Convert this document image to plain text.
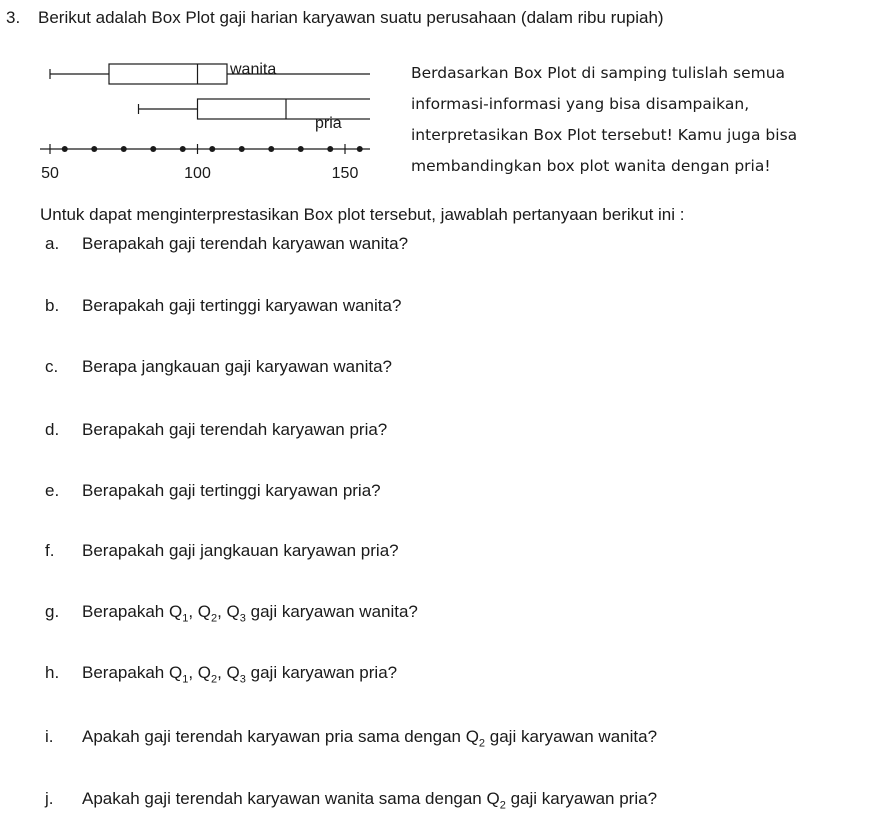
3. Berikut adalah Box Plot gaji harian karyawan suatu perusahaan (dalam ribu rupiah)
50	100	150
wanita
pria
Berdasarkan Box Plot di samping tulislah semua
informasi-informasi yang bisa disampaikan,
interpretasikan Box Plot tersebut! Kamu juga bisa
membandingkan box plot wanita dengan pria!
Untuk dapat menginterprestasikan Box plot tersebut, jawablah pertanyaan berikut ini :
a. Berapakah gaji terendah karyawan wanita?
b. Berapakah gaji tertinggi karyawan wanita?
c. Berapa jangkauan gaji karyawan wanita?
d. Berapakah gaji terendah karyawan pria?
e. Berapakah gaji tertinggi karyawan pria?
f. Berapakah gaji jangkauan karyawan pria?
g. Berapakah $Q_1$, $Q_2$, $Q_3$ gaji karyawan wanita?
h. Berapakah $Q_1$, $Q_2$, $Q_3$ gaji karyawan pria?
i. Apakah gaji terendah karyawan pria sama dengan $Q_2$ gaji karyawan wanita?
j. Apakah gaji terendah karyawan wanita sama dengan $Q_2$ gaji karyawan pria?
